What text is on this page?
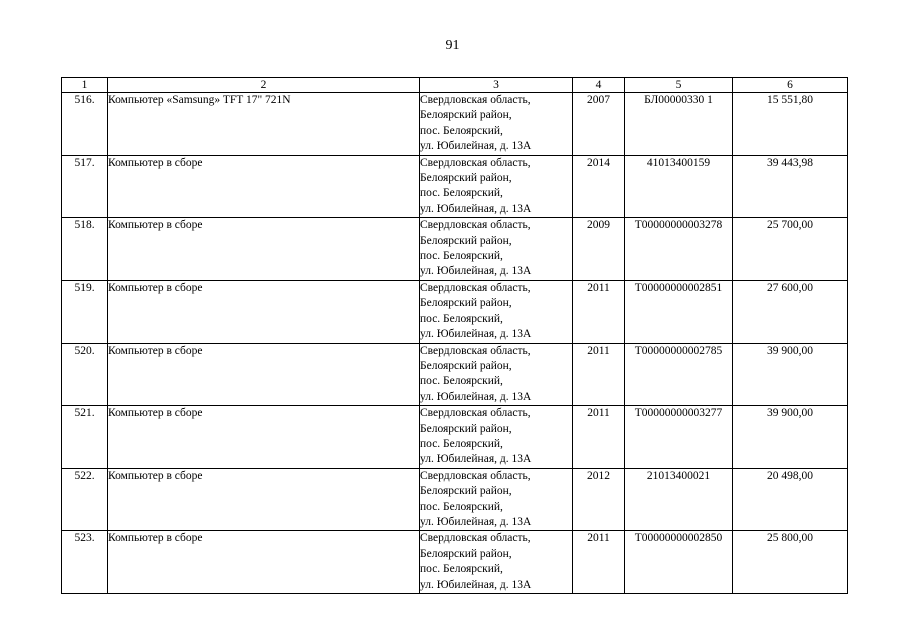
91
1	2	3	4	5	6
516.	Компьютер «Samsung» TFT 17" 721N	Свердловская область,
Белоярский район,
пос. Белоярский,
ул. Юбилейная, д. 13А	2007	БЛ00000330 1	15 551,80
517.	Компьютер в сборе	Свердловская область,
Белоярский район,
пос. Белоярский,
ул. Юбилейная, д. 13А	2014	41013400159	39 443,98
518.	Компьютер в сборе	Свердловская область,
Белоярский район,
пос. Белоярский,
ул. Юбилейная, д. 13А	2009	Т00000000003278	25 700,00
519.	Компьютер в сборе	Свердловская область,
Белоярский район,
пос. Белоярский,
ул. Юбилейная, д. 13А	2011	Т00000000002851	27 600,00
520.	Компьютер в сборе	Свердловская область,
Белоярский район,
пос. Белоярский,
ул. Юбилейная, д. 13А	2011	Т00000000002785	39 900,00
521.	Компьютер в сборе	Свердловская область,
Белоярский район,
пос. Белоярский,
ул. Юбилейная, д. 13А	2011	Т00000000003277	39 900,00
522.	Компьютер в сборе	Свердловская область,
Белоярский район,
пос. Белоярский,
ул. Юбилейная, д. 13А	2012	21013400021	20 498,00
523.	Компьютер в сборе	Свердловская область,
Белоярский район,
пос. Белоярский,
ул. Юбилейная, д. 13А	2011	Т00000000002850	25 800,00
